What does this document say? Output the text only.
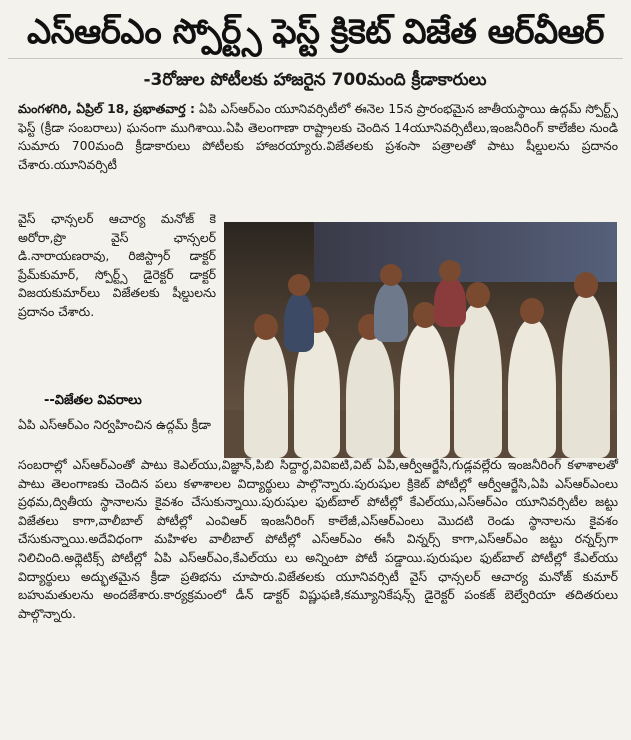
ఎస్‌ఆర్ఎం స్పోర్ట్స్ ఫెస్ట్ క్రికెట్ విజేత ఆర్‌వీఆర్
-3రోజుల పోటీలకు హాజరైన 700మంది క్రీడాకారులు
మంగళగిరి, ఏప్రిల్ 18, ప్రభాతవార్త : ఏపి ఎస్‌ఆర్ఎం యూనివర్సిటీలో ఈనెల 15న ప్రారంభమైన జాతీయస్థాయి ఉద్గమ్ స్పోర్ట్స్ ఫెస్ట్ (క్రీడా సంబరాలు) ఘనంగా ముగిశాయి.ఏపి తెలంగాణా రాష్ట్రాలకు చెందిన 14యూనివర్సిటీలు,ఇంజనీరింగ్ కాలేజీల నుండి సుమారు 700మంది క్రీడాకారులు పోటీలకు హాజరయ్యారు.విజేతలకు ప్రశంసా పత్రాలతో పాటు షీల్డులను ప్రదానం చేశారు.యూనివర్సిటీ
వైస్ ఛాన్సలర్ ఆచార్య మనోజ్ కె అరోరా,ప్రొ వైస్ ఛాన్సలర్ డి.నారాయణరావు, రిజిస్ట్రార్ డాక్టర్ ప్రేమ్‌కుమార్, స్పోర్ట్స్ డైరెక్టర్ డాక్టర్ విజయకుమార్‌లు విజేతలకు షీల్డులను ప్రదానం చేశారు.
--విజేతల వివరాలు
ఏపి ఎస్‌ఆర్ఎం నిర్వహించిన ఉద్గమ్ క్రీడా
సంబరాల్లో ఎస్‌ఆర్ఎంతో పాటు కెఎల్‌యు,విజ్ఞాన్,పిబి సిద్దార్థ,వివిఐటి,విట్ ఏపి,ఆర్వీఆర్జేసి,గుడ్లవల్లేరు ఇంజనీరింగ్ కళాశాలతో పాటు తెలంగాణకు చెందిన పలు కళాశాలల విద్యార్థులు పాల్గొన్నారు.పురుషుల క్రికెట్ పోటీల్లో ఆర్వీఆర్జేసి,ఏపి ఎస్‌ఆర్ఎంలు ప్రథమ,ద్వితీయ స్థానాలను కైవశం చేసుకున్నాయి.పురుషుల ఫుట్‌బాల్ పోటీల్లో కేఎల్‌యు,ఎస్‌ఆర్ఎం యూనివర్సిటీల జట్టు విజేతలు కాగా,వాలీబాల్ పోటీల్లో ఎంవిఆర్ ఇంజనీరింగ్ కాలేజీ,ఎస్‌ఆర్ఎంలు మొదటి రెండు స్థానాలను కైవశం చేసుకున్నాయి.అదేవిధంగా మహిళల వాలీబాల్ పోటీల్లో ఎస్‌ఆర్ఎం ఈసీ విన్నర్స్ కాగా,ఎస్‌ఆర్ఎం జట్టు రన్నర్స్‌గా నిలిచింది.అథ్లెటిక్స్ పోటీల్లో ఏపి ఎస్‌ఆర్ఎం,కేఎల్‌యు లు అన్నింటా పోటీ పడ్డాయి.పురుషుల ఫుట్‌బాల్ పోటీల్లో కేఎల్‌యు విద్యార్థులు అద్భుతమైన క్రీడా ప్రతిభను చూపారు.విజేతలకు యూనివర్సిటీ వైస్ ఛాన్సలర్ ఆచార్య మనోజ్ కుమార్ బహుమతులను అందజేశారు.కార్యక్రమంలో డీన్ డాక్టర్ విష్ణుఫణి,కమ్యూనికేషన్స్ డైరెక్టర్ పంకజ్ బెల్వేరియా తదితరులు పాల్గొన్నారు.
